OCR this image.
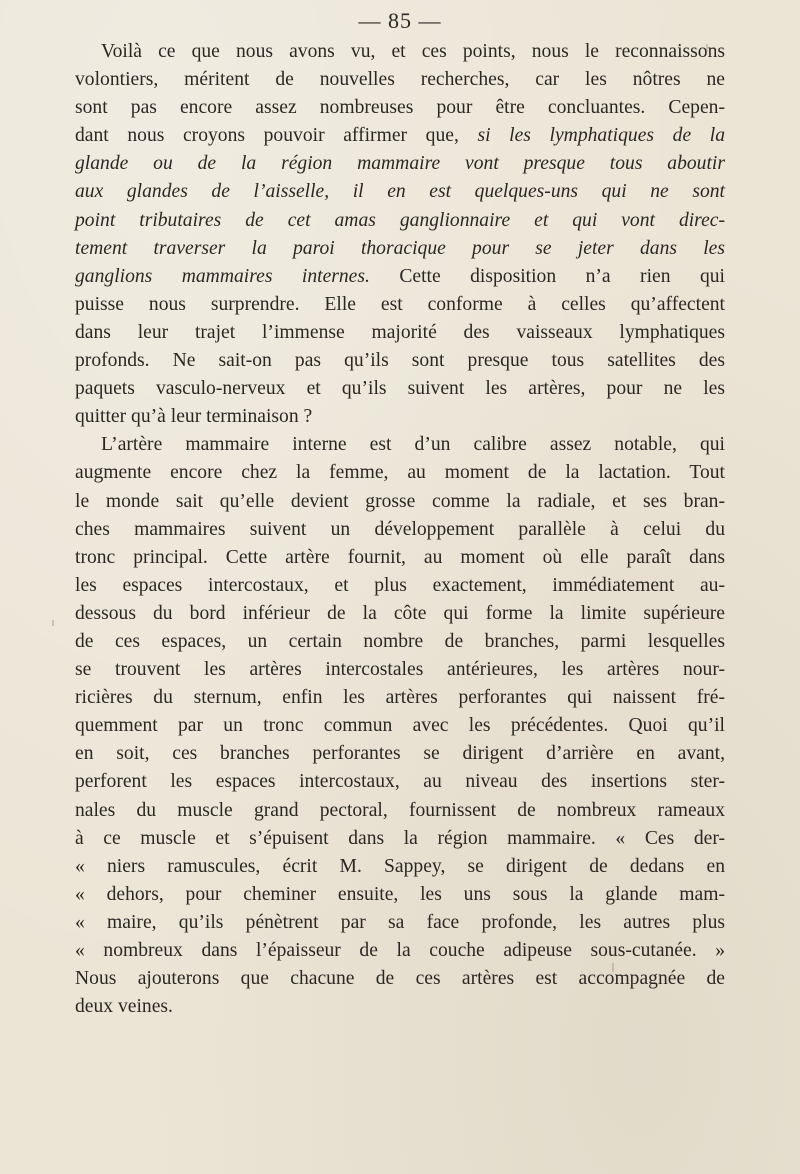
— 85 —

Voilà ce que nous avons vu, et ces points, nous le reconnaissons
volontiers, méritent de nouvelles recherches, car les nôtres ne
sont pas encore assez nombreuses pour être concluantes. Cepen-
dant nous croyons pouvoir affirmer que, si les lymphatiques de la
glande ou de la région mammaire vont presque tous aboutir
aux glandes de l’aisselle, il en est quelques-uns qui ne sont
point tributaires de cet amas ganglionnaire et qui vont direc-
tement traverser la paroi thoracique pour se jeter dans les
ganglions mammaires internes. Cette disposition n’a rien qui
puisse nous surprendre. Elle est conforme à celles qu’affectent
dans leur trajet l’immense majorité des vaisseaux lymphatiques
profonds. Ne sait-on pas qu’ils sont presque tous satellites des
paquets vasculo-nerveux et qu’ils suivent les artères, pour ne les
quitter qu’à leur terminaison ?
L’artère mammaire interne est d’un calibre assez notable, qui
augmente encore chez la femme, au moment de la lactation. Tout
le monde sait qu’elle devient grosse comme la radiale, et ses bran-
ches mammaires suivent un développement parallèle à celui du
tronc principal. Cette artère fournit, au moment où elle paraît dans
les espaces intercostaux, et plus exactement, immédiatement au-
dessous du bord inférieur de la côte qui forme la limite supérieure
de ces espaces, un certain nombre de branches, parmi lesquelles
se trouvent les artères intercostales antérieures, les artères nour-
ricières du sternum, enfin les artères perforantes qui naissent fré-
quemment par un tronc commun avec les précédentes. Quoi qu’il
en soit, ces branches perforantes se dirigent d’arrière en avant,
perforent les espaces intercostaux, au niveau des insertions ster-
nales du muscle grand pectoral, fournissent de nombreux rameaux
à ce muscle et s’épuisent dans la région mammaire. « Ces der-
« niers ramuscules, écrit M. Sappey, se dirigent de dedans en
« dehors, pour cheminer ensuite, les uns sous la glande mam-
« maire, qu’ils pénètrent par sa face profonde, les autres plus
« nombreux dans l’épaisseur de la couche adipeuse sous-cutanée. »
Nous ajouterons que chacune de ces artères est accompagnée de
deux veines.
